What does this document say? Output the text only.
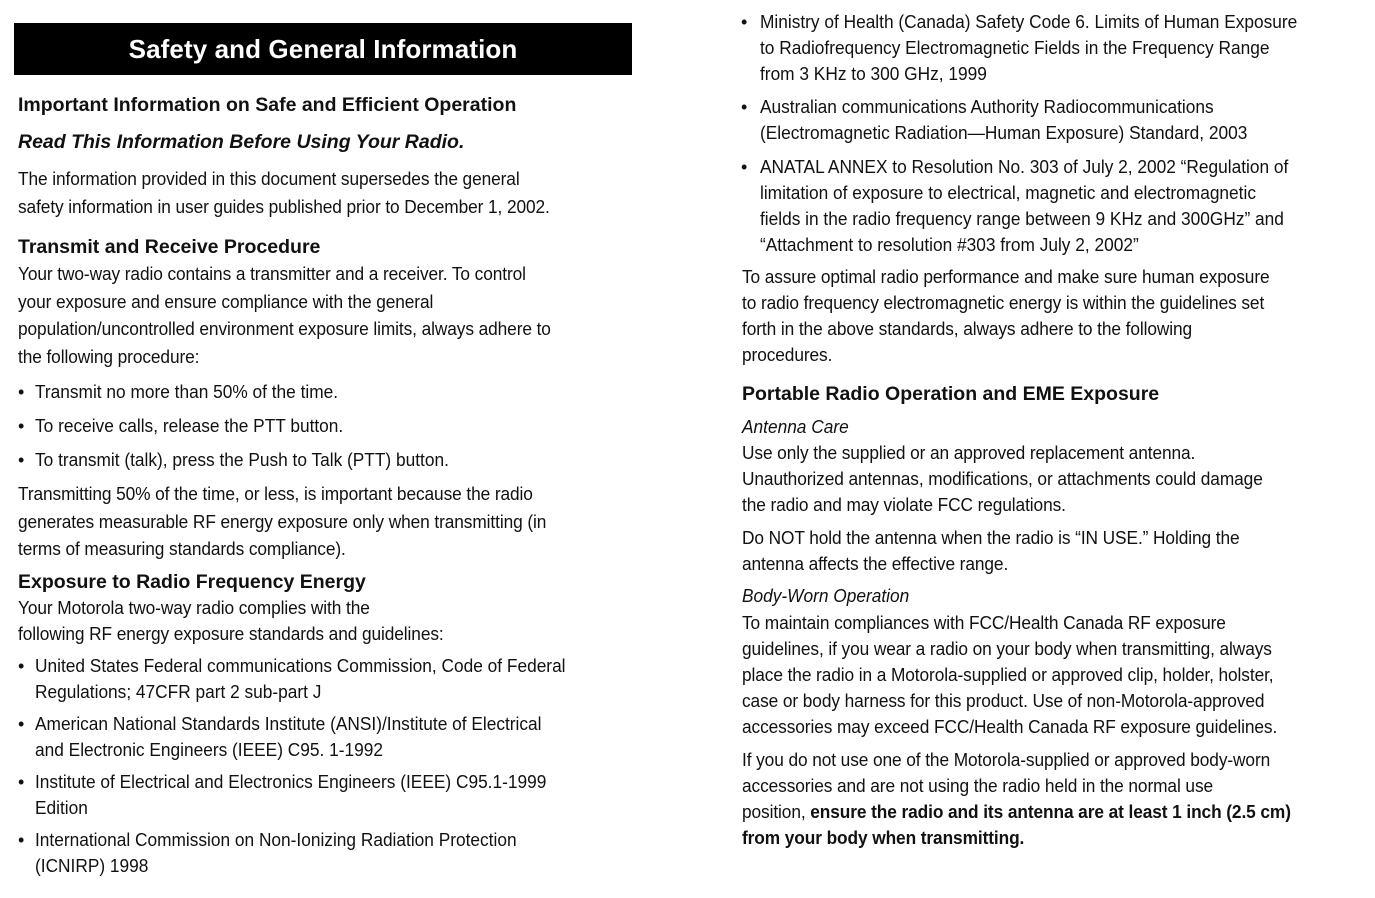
Safety and General Information
Important Information on Safe and Efficient Operation
Read This Information Before Using Your Radio.
The information provided in this document supersedes the general
safety information in user guides published prior to December 1, 2002.
Transmit and Receive Procedure
Your two-way radio contains a transmitter and a receiver. To control
your exposure and ensure compliance with the general
population/uncontrolled environment exposure limits, always adhere to
the following procedure:
• Transmit no more than 50% of the time.
• To receive calls, release the PTT button.
• To transmit (talk), press the Push to Talk (PTT) button.
Transmitting 50% of the time, or less, is important because the radio
generates measurable RF energy exposure only when transmitting (in
terms of measuring standards compliance).
Exposure to Radio Frequency Energy
Your Motorola two-way radio complies with the
following RF energy exposure standards and guidelines:
• United States Federal communications Commission, Code of Federal
Regulations; 47CFR part 2 sub-part J
• American National Standards Institute (ANSI)/Institute of Electrical
and Electronic Engineers (IEEE) C95. 1-1992
• Institute of Electrical and Electronics Engineers (IEEE) C95.1-1999
Edition
• International Commission on Non-Ionizing Radiation Protection
(ICNIRP) 1998
• Ministry of Health (Canada) Safety Code 6. Limits of Human Exposure
to Radiofrequency Electromagnetic Fields in the Frequency Range
from 3 KHz to 300 GHz, 1999
• Australian communications Authority Radiocommunications
(Electromagnetic Radiation—Human Exposure) Standard, 2003
• ANATAL ANNEX to Resolution No. 303 of July 2, 2002 “Regulation of
limitation of exposure to electrical, magnetic and electromagnetic
fields in the radio frequency range between 9 KHz and 300GHz” and
“Attachment to resolution #303 from July 2, 2002”
To assure optimal radio performance and make sure human exposure
to radio frequency electromagnetic energy is within the guidelines set
forth in the above standards, always adhere to the following
procedures.
Portable Radio Operation and EME Exposure
Antenna Care
Use only the supplied or an approved replacement antenna.
Unauthorized antennas, modifications, or attachments could damage
the radio and may violate FCC regulations.
Do NOT hold the antenna when the radio is “IN USE.” Holding the
antenna affects the effective range.
Body-Worn Operation
To maintain compliances with FCC/Health Canada RF exposure
guidelines, if you wear a radio on your body when transmitting, always
place the radio in a Motorola-supplied or approved clip, holder, holster,
case or body harness for this product. Use of non-Motorola-approved
accessories may exceed FCC/Health Canada RF exposure guidelines.
If you do not use one of the Motorola-supplied or approved body-worn
accessories and are not using the radio held in the normal use
position, ensure the radio and its antenna are at least 1 inch (2.5 cm)
from your body when transmitting.
